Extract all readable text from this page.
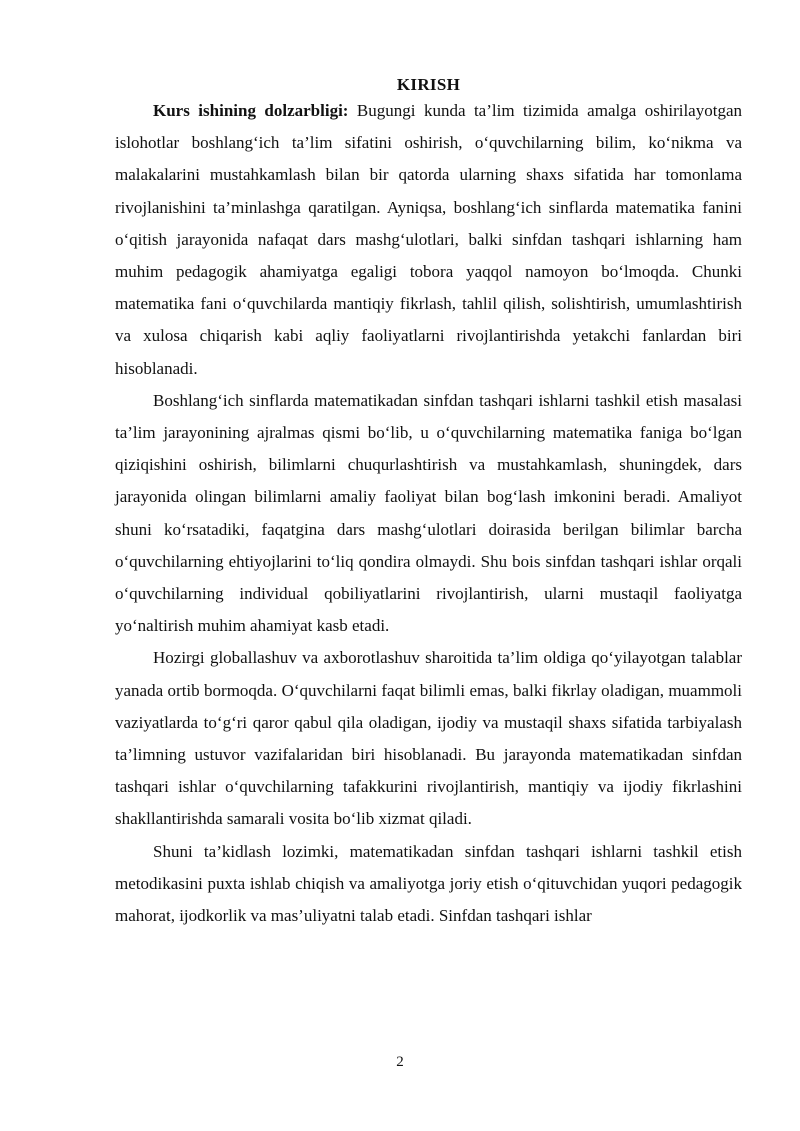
KIRISH

Kurs ishining dolzarbligi: Bugungi kunda ta’lim tizimida amalga oshirilayotgan islohotlar boshlang‘ich ta’lim sifatini oshirish, o‘quvchilarning bilim, ko‘nikma va malakalarini mustahkamlash bilan bir qatorda ularning shaxs sifatida har tomonlama rivojlanishini ta’minlashga qaratilgan. Ayniqsa, boshlang‘ich sinflarda matematika fanini o‘qitish jarayonida nafaqat dars mashg‘ulotlari, balki sinfdan tashqari ishlarning ham muhim pedagogik ahamiyatga egaligi tobora yaqqol namoyon bo‘lmoqda. Chunki matematika fani o‘quvchilarda mantiqiy fikrlash, tahlil qilish, solishtirish, umumlashtirish va xulosa chiqarish kabi aqliy faoliyatlarni rivojlantirishda yetakchi fanlardan biri hisoblanadi.

Boshlang‘ich sinflarda matematikadan sinfdan tashqari ishlarni tashkil etish masalasi ta’lim jarayonining ajralmas qismi bo‘lib, u o‘quvchilarning matematika faniga bo‘lgan qiziqishini oshirish, bilimlarni chuqurlashtirish va mustahkamlash, shuningdek, dars jarayonida olingan bilimlarni amaliy faoliyat bilan bog‘lash imkonini beradi. Amaliyot shuni ko‘rsatadiki, faqatgina dars mashg‘ulotlari doirasida berilgan bilimlar barcha o‘quvchilarning ehtiyojlarini to‘liq qondira olmaydi. Shu bois sinfdan tashqari ishlar orqali o‘quvchilarning individual qobiliyatlarini rivojlantirish, ularni mustaqil faoliyatga yo‘naltirish muhim ahamiyat kasb etadi.

Hozirgi globallashuv va axborotlashuv sharoitida ta’lim oldiga qo‘yilayotgan talablar yanada ortib bormoqda. O‘quvchilarni faqat bilimli emas, balki fikrlay oladigan, muammoli vaziyatlarda to‘g‘ri qaror qabul qila oladigan, ijodiy va mustaqil shaxs sifatida tarbiyalash ta’limning ustuvor vazifalaridan biri hisoblanadi. Bu jarayonda matematikadan sinfdan tashqari ishlar o‘quvchilarning tafakkurini rivojlantirish, mantiqiy va ijodiy fikrlashini shakllantirishda samarali vosita bo‘lib xizmat qiladi.

Shuni ta’kidlash lozimki, matematikadan sinfdan tashqari ishlarni tashkil etish metodikasini puxta ishlab chiqish va amaliyotga joriy etish o‘qituvchidan yuqori pedagogik mahorat, ijodkorlik va mas’uliyatni talab etadi. Sinfdan tashqari ishlar

2
